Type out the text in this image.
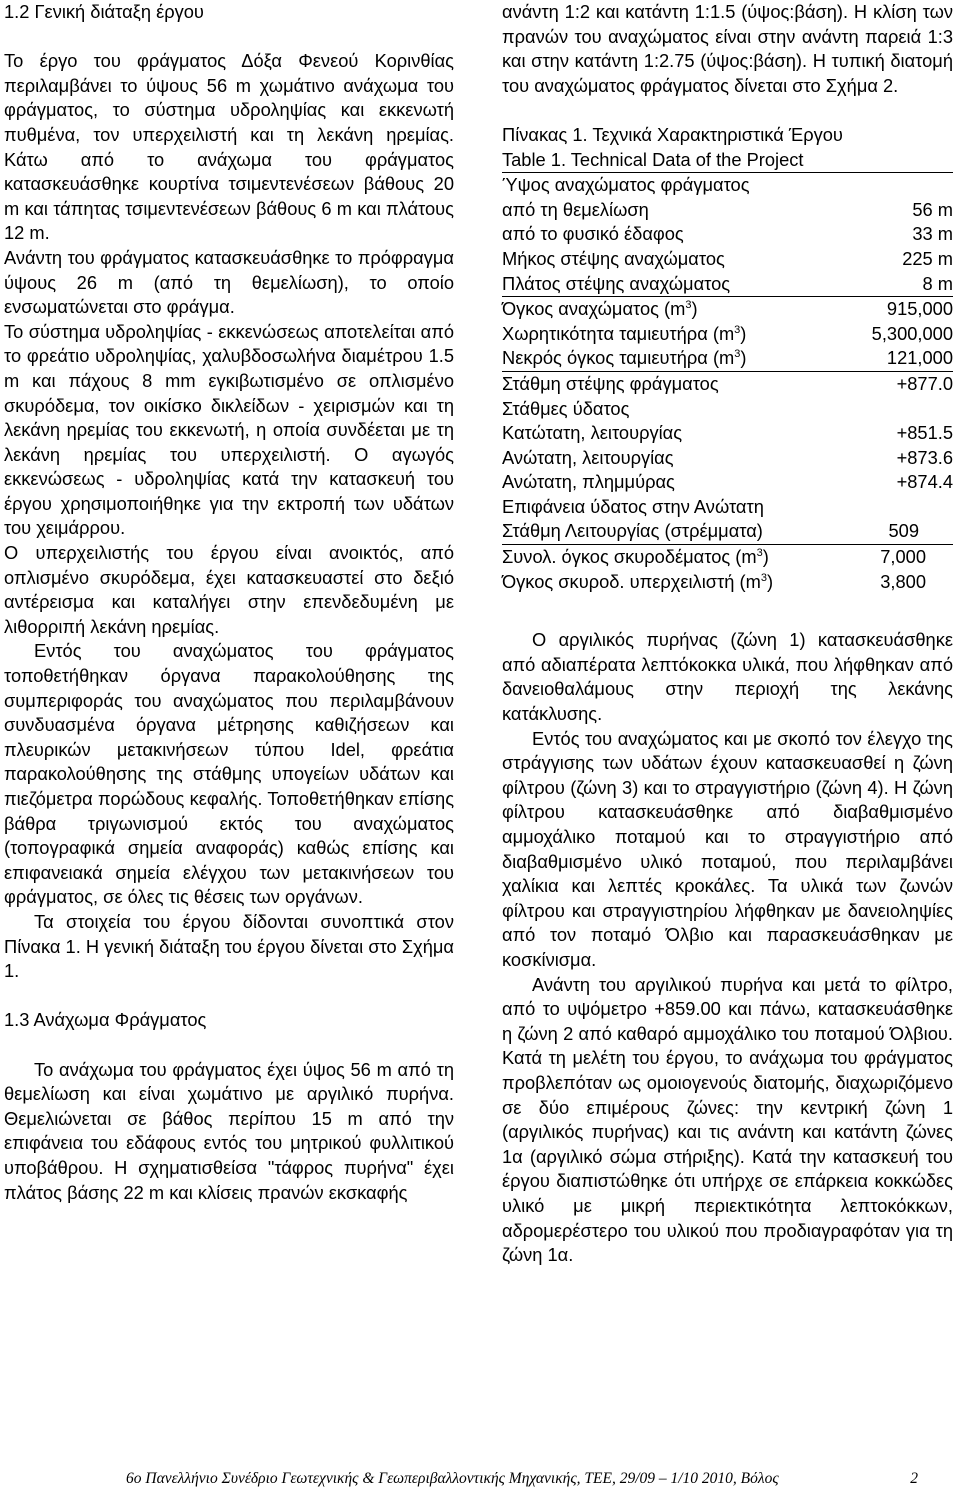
1.2 Γενική διάταξη έργου

Το έργο του φράγματος Δόξα Φενεού Κορινθίας περιλαμβάνει το ύψους 56 m χωμάτινο ανάχωμα του φράγματος, το σύστημα υδροληψίας και εκκενωτή πυθμένα, τον υπερχειλιστή και τη λεκάνη ηρεμίας. Κάτω από το ανάχωμα του φράγματος κατασκευάσθηκε κουρτίνα τσιμεντενέσεων βάθους 20 m και τάπητας τσιμεντενέσεων βάθους 6 m και πλάτους 12 m.

Ανάντη του φράγματος κατασκευάσθηκε το πρόφραγμα ύψους 26 m (από τη θεμελίωση), το οποίο ενσωματώνεται στο φράγμα.

Το σύστημα υδροληψίας - εκκενώσεως αποτελείται από το φρεάτιο υδροληψίας, χαλυβδοσωλήνα διαμέτρου 1.5 m και πάχους 8 mm εγκιβωτισμένο σε οπλισμένο σκυρόδεμα, τον οικίσκο δικλείδων - χειρισμών και τη λεκάνη ηρεμίας του εκκενωτή, η οποία συνδέεται με τη λεκάνη ηρεμίας του υπερχειλιστή. Ο αγωγός εκκενώσεως - υδροληψίας κατά την κατασκευή του έργου χρησιμοποιήθηκε για την εκτροπή των υδάτων του χειμάρρου.

Ο υπερχειλιστής του έργου είναι ανοικτός, από οπλισμένο σκυρόδεμα, έχει κατασκευαστεί στο δεξιό αντέρεισμα και καταλήγει στην επενδεδυμένη με λιθορριπή λεκάνη ηρεμίας.

Εντός του αναχώματος του φράγματος τοποθετήθηκαν όργανα παρακολούθησης της συμπεριφοράς του αναχώματος που περιλαμβάνουν συνδυασμένα όργανα μέτρησης καθιζήσεων και πλευρικών μετακινήσεων τύπου Idel, φρεάτια παρακολούθησης της στάθμης υπογείων υδάτων και πιεζόμετρα πορώδους κεφαλής. Τοποθετήθηκαν επίσης βάθρα τριγωνισμού εκτός του αναχώματος (τοπογραφικά σημεία αναφοράς) καθώς επίσης και επιφανειακά σημεία ελέγχου των μετακινήσεων του φράγματος, σε όλες τις θέσεις των οργάνων.

Τα στοιχεία του έργου δίδονται συνοπτικά στον Πίνακα 1. Η γενική διάταξη του έργου δίνεται στο Σχήμα 1.

1.3 Ανάχωμα Φράγματος

Το ανάχωμα του φράγματος έχει ύψος 56 m από τη θεμελίωση και είναι χωμάτινο με αργιλικό πυρήνα. Θεμελιώνεται σε βάθος περίπου 15 m από την επιφάνεια του εδάφους εντός του μητρικού φυλλιτικού υποβάθρου. Η σχηματισθείσα "τάφρος πυρήνα" έχει πλάτος βάσης 22 m και κλίσεις πρανών εκσκαφής

ανάντη 1:2 και κατάντη 1:1.5 (ύψος:βάση). Η κλίση των πρανών του αναχώματος είναι στην ανάντη παρειά 1:3 και στην κατάντη 1:2.75 (ύψος:βάση). Η τυπική διατομή του αναχώματος φράγματος δίνεται στο Σχήμα 2.

Πίνακας 1. Τεχνικά Χαρακτηριστικά Έργου

Table 1. Technical Data of the Project

Ύψος αναχώματος φράγματος	
από τη θεμελίωση	56 m
από το φυσικό έδαφος	33 m
Μήκος στέψης αναχώματος	225 m
Πλάτος στέψης αναχώματος	8 m
Όγκος αναχώματος $(m^3)$	915,000
Χωρητικότητα ταμιευτήρα $(m^3)$	5,300,000
Νεκρός όγκος ταμιευτήρα $(m^3)$	121,000
Στάθμη στέψης φράγματος	+877.0
Στάθμες ύδατος	
Κατώτατη, λειτουργίας	+851.5
Ανώτατη, λειτουργίας	+873.6
Ανώτατη, πλημμύρας	+874.4
Επιφάνεια ύδατος στην Ανώτατη	
Στάθμη Λειτουργίας (στρέμματα)	509
Συνολ. όγκος σκυροδέματος $(m^3)$	7,000
Όγκος σκυροδ. υπερχειλιστή $(m^3)$	3,800

Ο αργιλικός πυρήνας (ζώνη 1) κατασκευάσθηκε από αδιαπέρατα λεπτόκοκκα υλικά, που λήφθηκαν από δανειοθαλάμους στην περιοχή της λεκάνης κατάκλυσης.

Εντός του αναχώματος και με σκοπό τον έλεγχο της στράγγισης των υδάτων έχουν κατασκευασθεί η ζώνη φίλτρου (ζώνη 3) και το στραγγιστήριο (ζώνη 4). Η ζώνη φίλτρου κατασκευάσθηκε από διαβαθμισμένο αμμοχάλικο ποταμού και το στραγγιστήριο από διαβαθμισμένο υλικό ποταμού, που περιλαμβάνει χαλίκια και λεπτές κροκάλες. Τα υλικά των ζωνών φίλτρου και στραγγιστηρίου λήφθηκαν με δανειοληψίες από τον ποταμό Όλβιο και παρασκευάσθηκαν με κοσκίνισμα.

Ανάντη του αργιλικού πυρήνα και μετά το φίλτρο, από το υψόμετρο +859.00 και πάνω, κατασκευάσθηκε η ζώνη 2 από καθαρό αμμοχάλικο του ποταμού Όλβιου. Κατά τη μελέτη του έργου, το ανάχωμα του φράγματος προβλεπόταν ως ομοιογενούς διατομής, διαχωριζόμενο σε δύο επιμέρους ζώνες: την κεντρική ζώνη 1 (αργιλικός πυρήνας) και τις ανάντη και κατάντη ζώνες 1α (αργιλικό σώμα στήριξης). Κατά την κατασκευή του έργου διαπιστώθηκε ότι υπήρχε σε επάρκεια κοκκώδες υλικό με μικρή περιεκτικότητα λεπτοκόκκων, αδρομερέστερο του υλικού που προδιαγραφόταν για τη ζώνη 1α.

6ο Πανελλήνιο Συνέδριο Γεωτεχνικής & Γεωπεριβαλλοντικής Μηχανικής, ΤΕΕ, 29/09 – 1/10 2010, Βόλος	2
